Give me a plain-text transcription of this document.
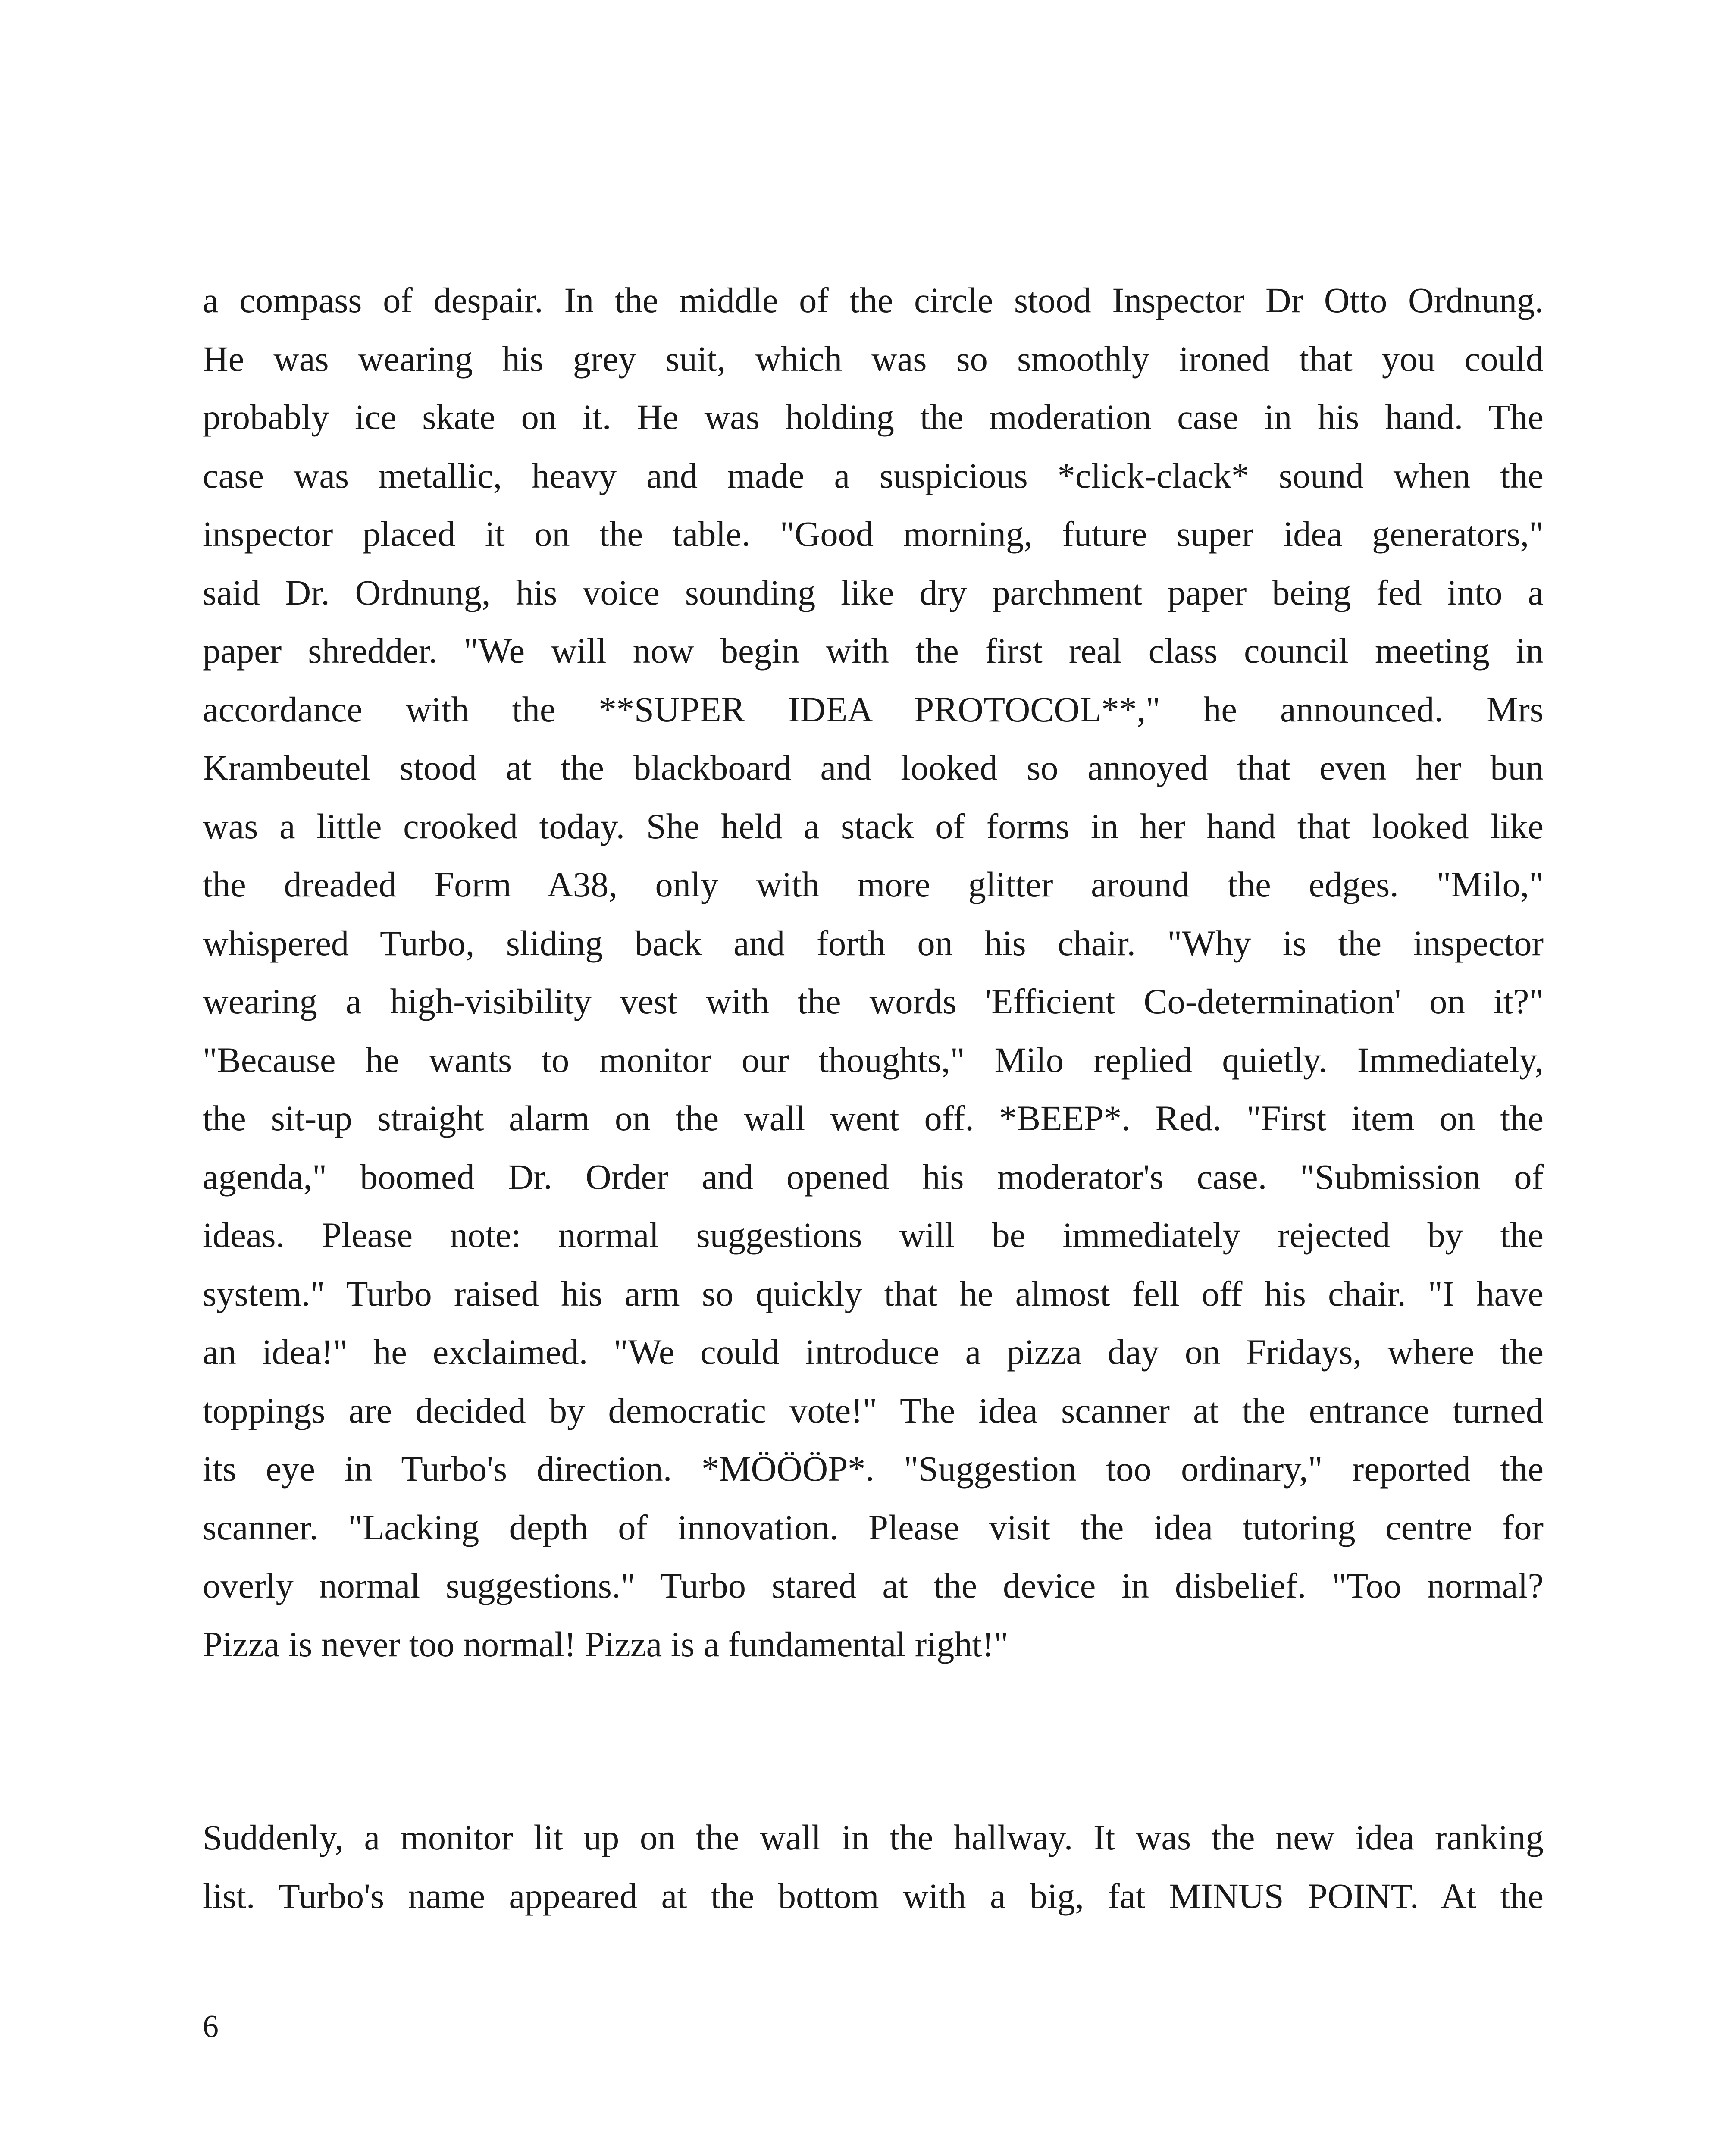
a compass of despair. In the middle of the circle stood Inspector Dr Otto Ordnung.
He was wearing his grey suit, which was so smoothly ironed that you could
probably ice skate on it. He was holding the moderation case in his hand. The
case was metallic, heavy and made a suspicious *click-clack* sound when the
inspector placed it on the table. "Good morning, future super idea generators,"
said Dr. Ordnung, his voice sounding like dry parchment paper being fed into a
paper shredder. "We will now begin with the first real class council meeting in
accordance with the **SUPER IDEA PROTOCOL**," he announced. Mrs
Krambeutel stood at the blackboard and looked so annoyed that even her bun
was a little crooked today. She held a stack of forms in her hand that looked like
the dreaded Form A38, only with more glitter around the edges. "Milo,"
whispered Turbo, sliding back and forth on his chair. "Why is the inspector
wearing a high-visibility vest with the words 'Efficient Co-determination' on it?"
"Because he wants to monitor our thoughts," Milo replied quietly. Immediately,
the sit-up straight alarm on the wall went off. *BEEP*. Red. "First item on the
agenda," boomed Dr. Order and opened his moderator's case. "Submission of
ideas. Please note: normal suggestions will be immediately rejected by the
system." Turbo raised his arm so quickly that he almost fell off his chair. "I have
an idea!" he exclaimed. "We could introduce a pizza day on Fridays, where the
toppings are decided by democratic vote!" The idea scanner at the entrance turned
its eye in Turbo's direction. *MÖÖÖP*. "Suggestion too ordinary," reported the
scanner. "Lacking depth of innovation. Please visit the idea tutoring centre for
overly normal suggestions." Turbo stared at the device in disbelief. "Too normal?
Pizza is never too normal! Pizza is a fundamental right!"
Suddenly, a monitor lit up on the wall in the hallway. It was the new idea ranking
list. Turbo's name appeared at the bottom with a big, fat MINUS POINT. At the
6
